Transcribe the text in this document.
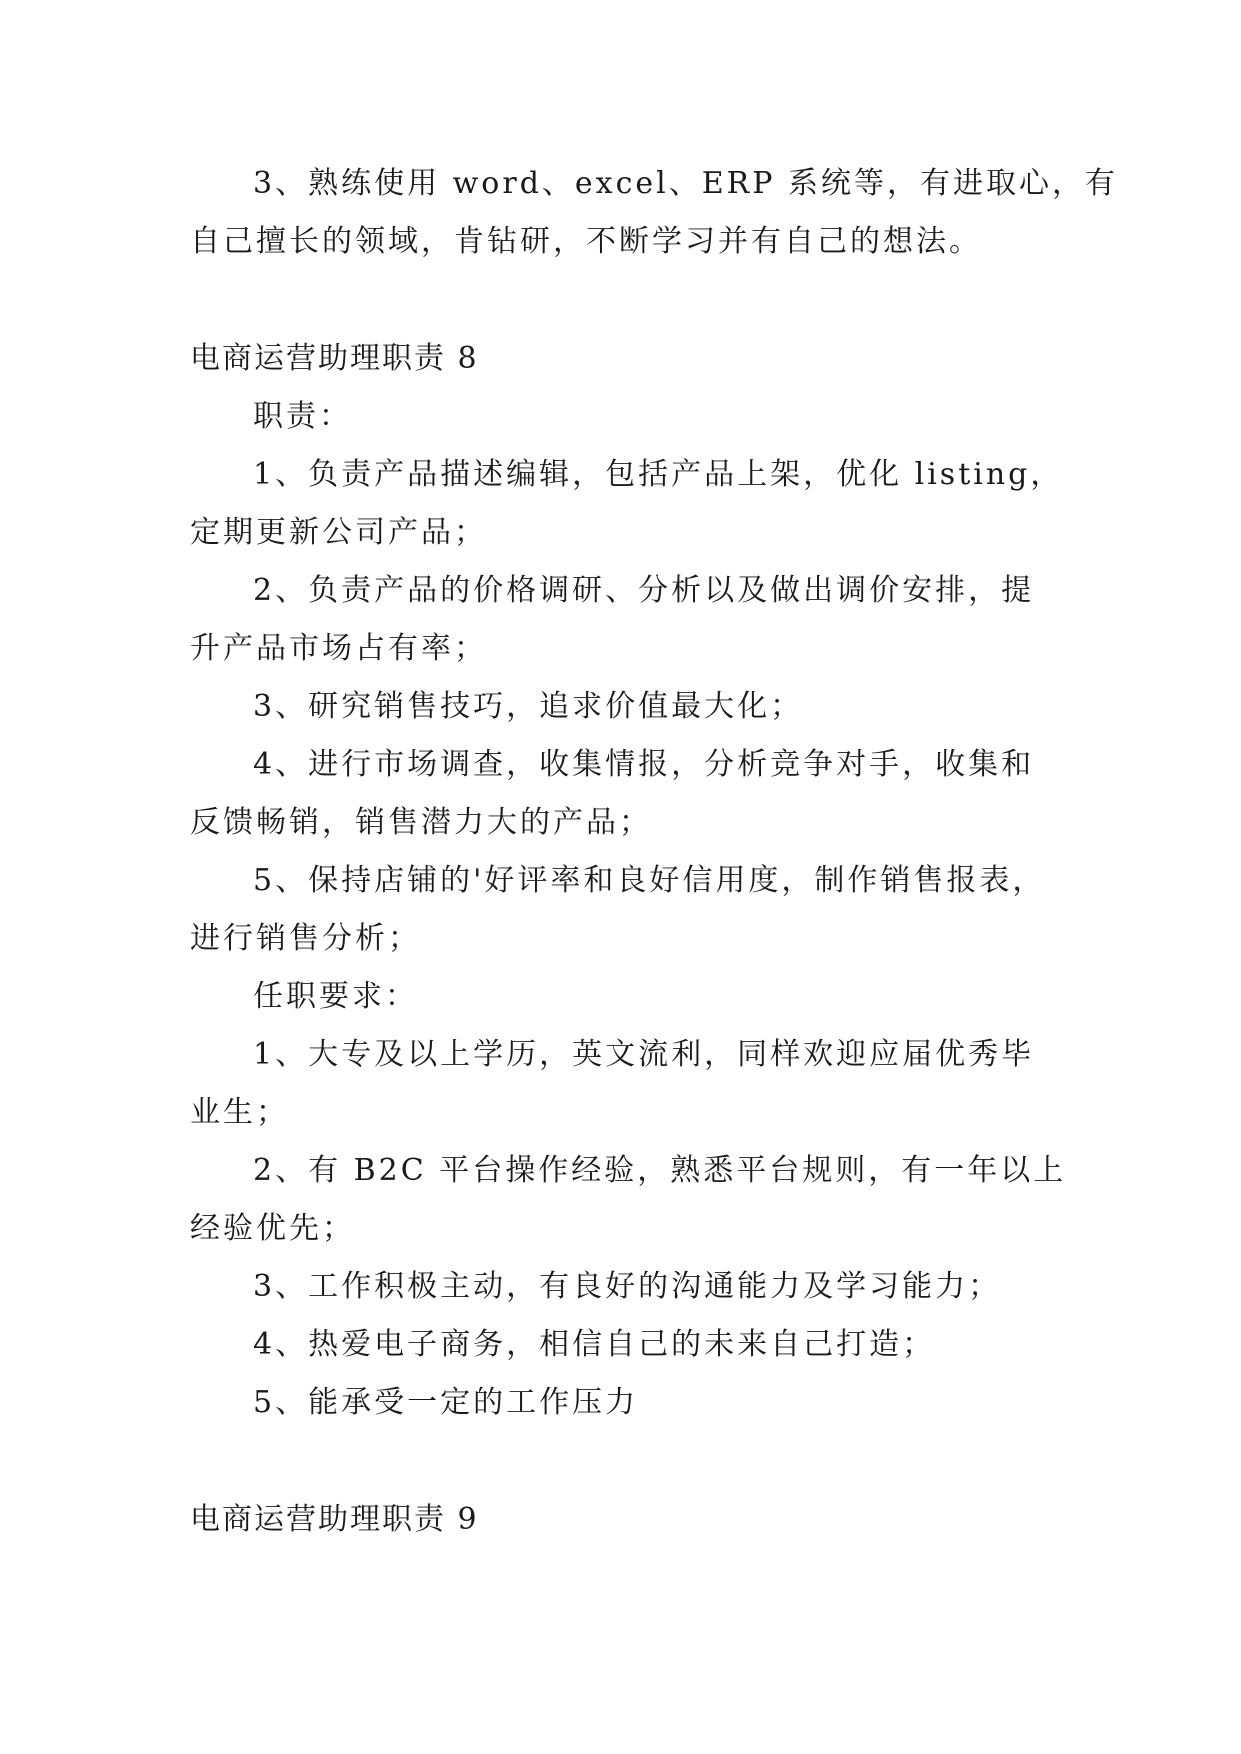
3、熟练使用 word、excel、ERP 系统等，有进取心，有
自己擅长的领域，肯钻研，不断学习并有自己的想法。
电商运营助理职责 8
职责：
1、负责产品描述编辑，包括产品上架，优化 listing，
定期更新公司产品；
2、负责产品的价格调研、分析以及做出调价安排，提
升产品市场占有率；
3、研究销售技巧，追求价值最大化；
4、进行市场调查，收集情报，分析竞争对手，收集和
反馈畅销，销售潜力大的产品；
5、保持店铺的'好评率和良好信用度，制作销售报表，
进行销售分析；
任职要求：
1、大专及以上学历，英文流利，同样欢迎应届优秀毕
业生；
2、有 B2C 平台操作经验，熟悉平台规则，有一年以上
经验优先；
3、工作积极主动，有良好的沟通能力及学习能力；
4、热爱电子商务，相信自己的未来自己打造；
5、能承受一定的工作压力
电商运营助理职责 9
